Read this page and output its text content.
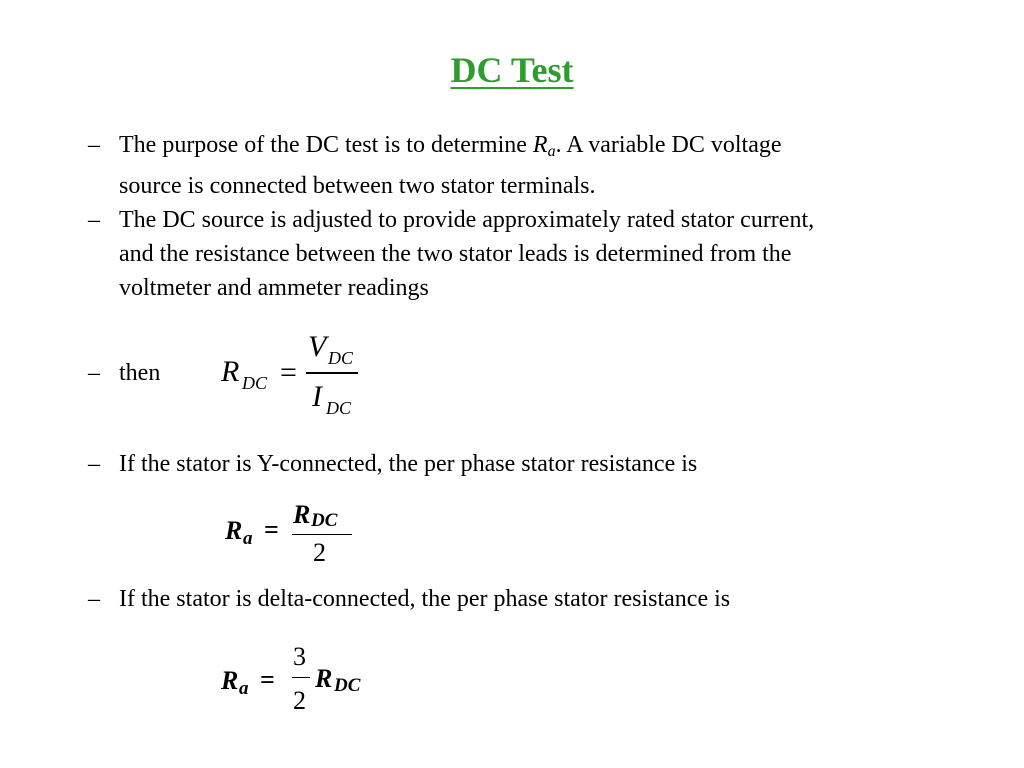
DC Test
– The purpose of the DC test is to determine $R_a$. A variable DC voltage
source is connected between two stator terminals.
– The DC source is adjusted to provide approximately rated stator current,
and the resistance between the two stator leads is determined from the
voltmeter and ammeter readings
– then	R DC =
V DC
I DC
– If the stator is Y-connected, the per phase stator resistance is
R a =
R DC
2
– If the stator is delta-connected, the per phase stator resistance is
R a =
3
2
R DC
